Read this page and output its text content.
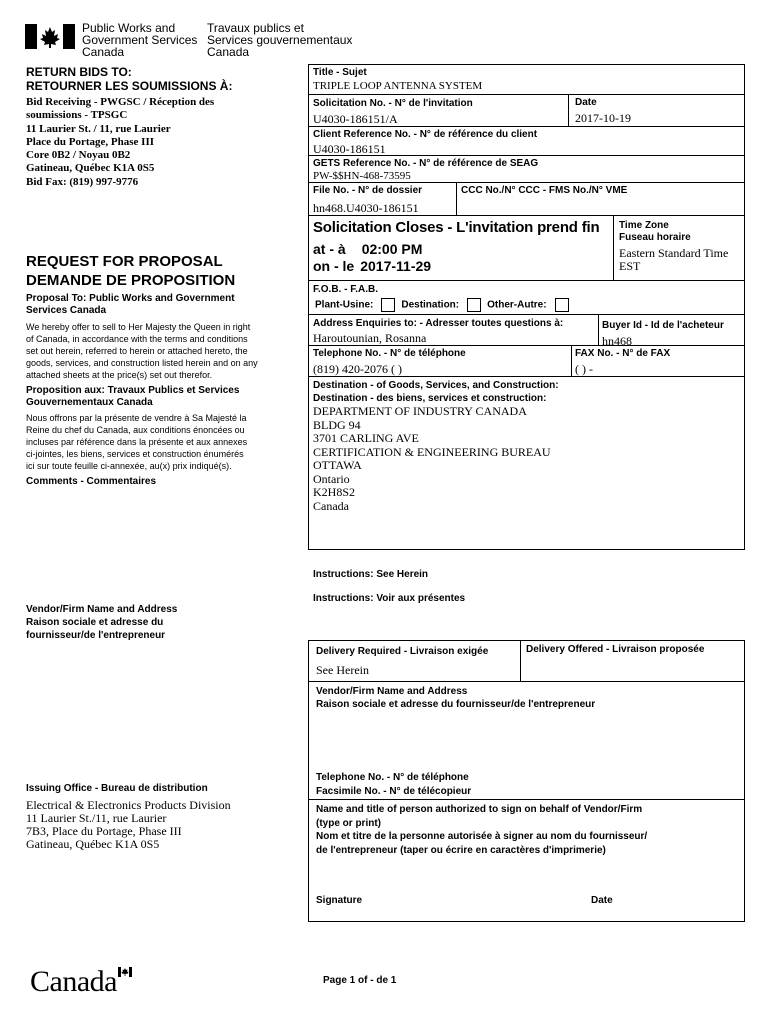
Public Works and
Government Services
Canada
Travaux publics et
Services gouvernementaux
Canada
RETURN BIDS TO:
RETOURNER LES SOUMISSIONS À:
Bid Receiving - PWGSC / Réception des
soumissions - TPSGC
11 Laurier St. / 11, rue Laurier
Place du Portage, Phase III
Core 0B2 / Noyau 0B2
Gatineau, Québec K1A 0S5
Bid Fax: (819) 997-9776
REQUEST FOR PROPOSAL
DEMANDE DE PROPOSITION
Proposal To: Public Works and Government
Services Canada
We hereby offer to sell to Her Majesty the Queen in right
of Canada, in accordance with the terms and conditions
set out herein, referred to herein or attached hereto, the
goods, services, and construction listed herein and on any
attached sheets at the price(s) set out therefor.
Proposition aux: Travaux Publics et Services
Gouvernementaux Canada
Nous offrons par la présente de vendre à Sa Majesté la
Reine du chef du Canada, aux conditions énoncées ou
incluses par référence dans la présente et aux annexes
ci-jointes, les biens, services et construction énumérés
ici sur toute feuille ci-annexée, au(x) prix indiqué(s).
Comments - Commentaires
Vendor/Firm Name and Address
Raison sociale et adresse du
fournisseur/de l'entrepreneur
Issuing Office - Bureau de distribution
Electrical & Electronics Products Division
11 Laurier St./11, rue Laurier
7B3, Place du Portage, Phase III
Gatineau, Québec K1A 0S5
Title - Sujet
TRIPLE LOOP ANTENNA SYSTEM
Solicitation No. - N° de l'invitation
U4030-186151/A
Date
2017-10-19
Client Reference No. - N° de référence du client
U4030-186151
GETS Reference No. - N° de référence de SEAG
PW-$$HN-468-73595
File No. - N° de dossier
hn468.U4030-186151
CCC No./N° CCC - FMS No./N° VME
Solicitation Closes - L'invitation prend fin
at - à 02:00 PM
on - le 2017-11-29
Time Zone
Fuseau horaire
Eastern Standard Time
EST
F.O.B. - F.A.B.
Plant-Usine:	Destination:	Other-Autre:
Address Enquiries to: - Adresser toutes questions à:
Haroutounian, Rosanna
Buyer Id - Id de l'acheteur
hn468
Telephone No. - N° de téléphone
(819) 420-2076 ( )
FAX No. - N° de FAX
( ) -
Destination - of Goods, Services, and Construction:
Destination - des biens, services et construction:
DEPARTMENT OF INDUSTRY CANADA
BLDG 94
3701 CARLING AVE
CERTIFICATION & ENGINEERING BUREAU
OTTAWA
Ontario
K2H8S2
Canada
Instructions: See Herein
Instructions: Voir aux présentes
Delivery Required - Livraison exigée
See Herein
Delivery Offered - Livraison proposée
Vendor/Firm Name and Address
Raison sociale et adresse du fournisseur/de l'entrepreneur
Telephone No. - N° de téléphone
Facsimile No. - N° de télécopieur
Name and title of person authorized to sign on behalf of Vendor/Firm
(type or print)
Nom et titre de la personne autorisée à signer au nom du fournisseur/
de l'entrepreneur (taper ou écrire en caractères d'imprimerie)
Signature	Date
Canada	Page 1 of - de 1
